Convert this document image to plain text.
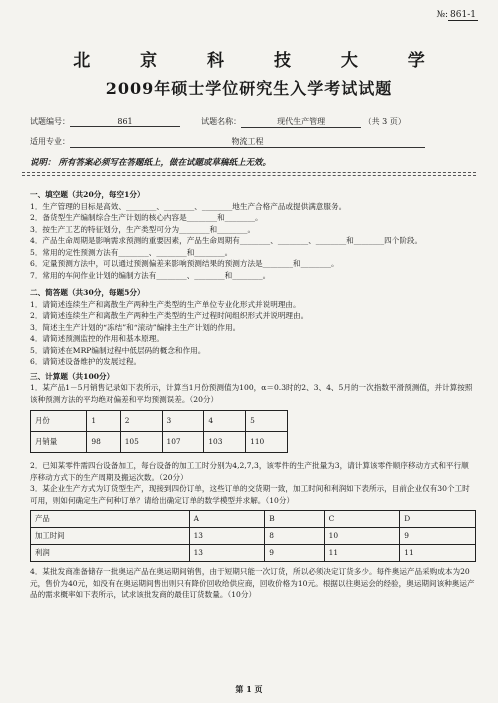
№: 861-1
北 京 科 技 大 学
2009年硕士学位研究生入学考试试题
试题编号：	861	试题名称：	现代生产管理	（共 3 页）
适用专业：	物流工程
说明： 所有答案必须写在答题纸上，做在试题或草稿纸上无效。
一、填空题（共20分，每空1分）

1．生产管理的目标是高效、________、________、________地生产合格产品或提供满意服务。

2．备货型生产编制综合生产计划的核心内容是________和________。

3．按生产工艺的特征划分，生产类型可分为________和________。

4．产品生命周期是影响需求预测的重要因素，产品生命周期有________、________、________和________四个阶段。

5．常用的定性预测方法有________、________和________。

6．定量预测方法中，可以通过预测偏差来影响预测结果的预测方法是________和________。

7．常用的车间作业计划的编制方法有________、________和________。

二、简答题（共30分，每题5分）

1．请简述连续生产和离散生产两种生产类型的生产单位专业化形式并说明理由。

2．请简述连续生产和离散生产两种生产类型的生产过程时间组织形式并说明理由。

3．简述主生产计划的“冻结”和“滚动”编排主生产计划的作用。

4．请简述预测监控的作用和基本原理。

5．请简述在MRP编制过程中低层码的概念和作用。

6．请简述设备维护的发展过程。

三、计算题（共100分）

1．某产品1－5月销售记录如下表所示，计算当1月份预测值为100，α＝0.3时的2、3、4、5月的一次指数平滑预测值，并计算按照该种预测方法的平均绝对偏差和平均预测误差。（20分）

月份	1	2	3	4	5
月销量	98	105	107	103	110

2．已知某零件需四台设备加工，每台设备的加工工时分别为4,2,7,3，该零件的生产批量为3，请计算该零件顺序移动方式和平行顺序移动方式下的生产周期及搬运次数。（20分）

3．某企业生产方式为订货型生产，现接到四份订单，这些订单的交货期一致，加工时间和利润如下表所示，目前企业仅有30个工时可用，则如何确定生产何种订单？请给出确定订单的数学模型并求解。（10分）

产品	A	B	C	D
加工时间	13	8	10	9
利润	13	9	11	11

4．某批发商准备储存一批奥运产品在奥运期间销售，由于短期只能一次订货，所以必须决定订货多少。每件奥运产品采购成本为20元，售价为40元，如没有在奥运期间售出则只有降价回收给供应商，回收价格为10元。根据以往奥运会的经验，奥运期间该种奥运产品的需求概率如下表所示，试求该批发商的最佳订货数量。（10分）

第 1 页
